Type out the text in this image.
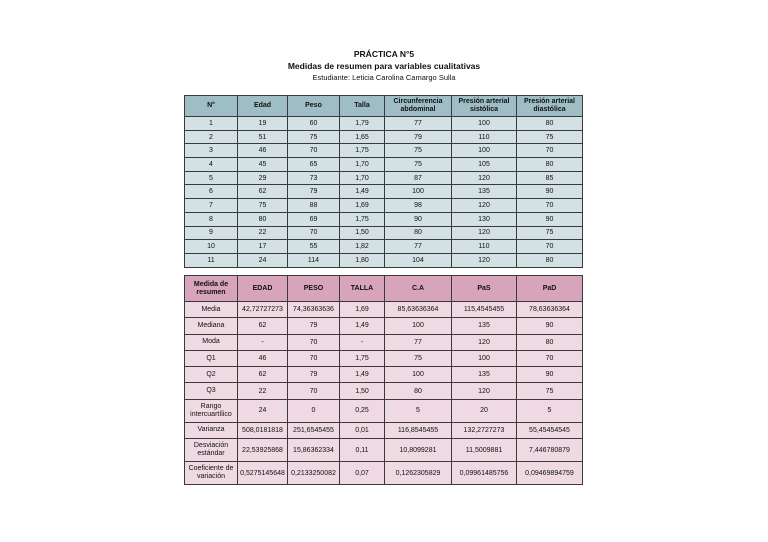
PRÁCTICA N°5
Medidas de resumen para variables cualitativas
Estudiante: Leticia Carolina Camargo Sulla
N°	Edad	Peso	Talla	Circunferencia abdominal	Presión arterial sistólica	Presión arterial diastólica
1	19	60	1,79	77	100	80
2	51	75	1,65	79	110	75
3	46	70	1,75	75	100	70
4	45	65	1,70	75	105	80
5	29	73	1,70	87	120	85
6	62	79	1,49	100	135	90
7	75	88	1,69	98	120	70
8	80	69	1,75	90	130	90
9	22	70	1,50	80	120	75
10	17	55	1,82	77	110	70
11	24	114	1,80	104	120	80
Medida de resumen	EDAD	PESO	TALLA	C.A	PaS	PaD
Media	42,72727273	74,36363636	1,69	85,63636364	115,4545455	78,63636364
Mediana	62	79	1,49	100	135	90
Moda	-	70	-	77	120	80
Q1	46	70	1,75	75	100	70
Q2	62	79	1,49	100	135	90
Q3	22	70	1,50	80	120	75
Rango intercuartílico	24	0	0,25	5	20	5
Varianza	508,0181818	251,6545455	0,01	116,8545455	132,2727273	55,45454545
Desviación estándar	22,53925868	15,86362334	0,11	10,8099281	11,5009881	7,446780879
Coeficiente de variación	0,5275145648	0,2133250082	0,07	0,1262305829	0,09961485756	0,09469894759
